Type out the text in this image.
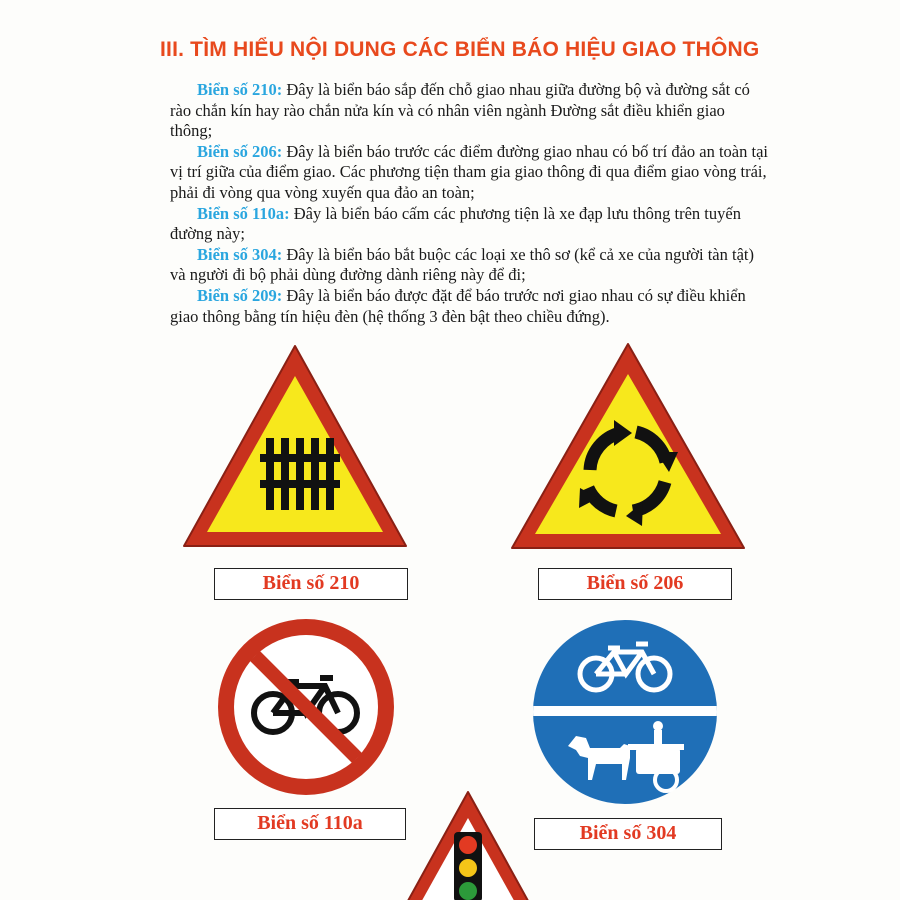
III. TÌM HIỂU NỘI DUNG CÁC BIỂN BÁO HIỆU GIAO THÔNG

Biển số 210: Đây là biển báo sắp đến chỗ giao nhau giữa đường bộ và đường sắt có rào chắn kín hay rào chắn nửa kín và có nhân viên ngành Đường sắt điều khiển giao thông;

Biển số 206: Đây là biển báo trước các điểm đường giao nhau có bố trí đảo an toàn tại vị trí giữa của điểm giao. Các phương tiện tham gia giao thông đi qua điểm giao vòng trái, phải đi vòng qua vòng xuyến qua đảo an toàn;

Biển số 110a: Đây là biển báo cấm các phương tiện là xe đạp lưu thông trên tuyến đường này;

Biển số 304: Đây là biển báo bắt buộc các loại xe thô sơ (kể cả xe của người tàn tật) và người đi bộ phải dùng đường dành riêng này để đi;

Biển số 209: Đây là biển báo được đặt để báo trước nơi giao nhau có sự điều khiển giao thông bằng tín hiệu đèn (hệ thống 3 đèn bật theo chiều đứng).

Biển số 210	Biển số 206
Biển số 110a	Biển số 304
